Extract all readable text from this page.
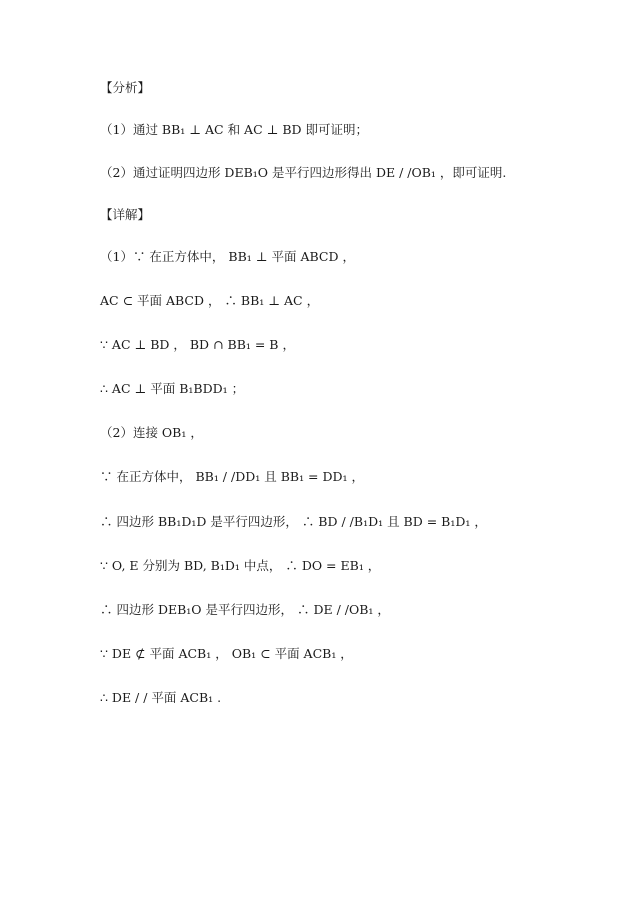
【分析】
（1）通过 BB₁ ⊥ AC 和 AC ⊥ BD 即可证明；
（2）通过证明四边形 DEB₁O 是平行四边形得出 DE / /OB₁ ，即可证明.
【详解】
（1）∵ 在正方体中， BB₁ ⊥ 平面 ABCD ，
AC ⊂ 平面 ABCD ， ∴ BB₁ ⊥ AC ，
∵ AC ⊥ BD ， BD ∩ BB₁ = B ，
∴ AC ⊥ 平面 B₁BDD₁ ；
（2）连接 OB₁ ，
∵ 在正方体中， BB₁ / /DD₁ 且 BB₁ = DD₁ ，
∴ 四边形 BB₁D₁D 是平行四边形， ∴ BD / /B₁D₁ 且 BD = B₁D₁ ，
∵ O, E 分别为 BD, B₁D₁ 中点， ∴ DO = EB₁ ，
∴ 四边形 DEB₁O 是平行四边形， ∴ DE / /OB₁ ，
∵ DE ⊄ 平面 ACB₁ ， OB₁ ⊂ 平面 ACB₁ ，
∴ DE / / 平面 ACB₁ .
